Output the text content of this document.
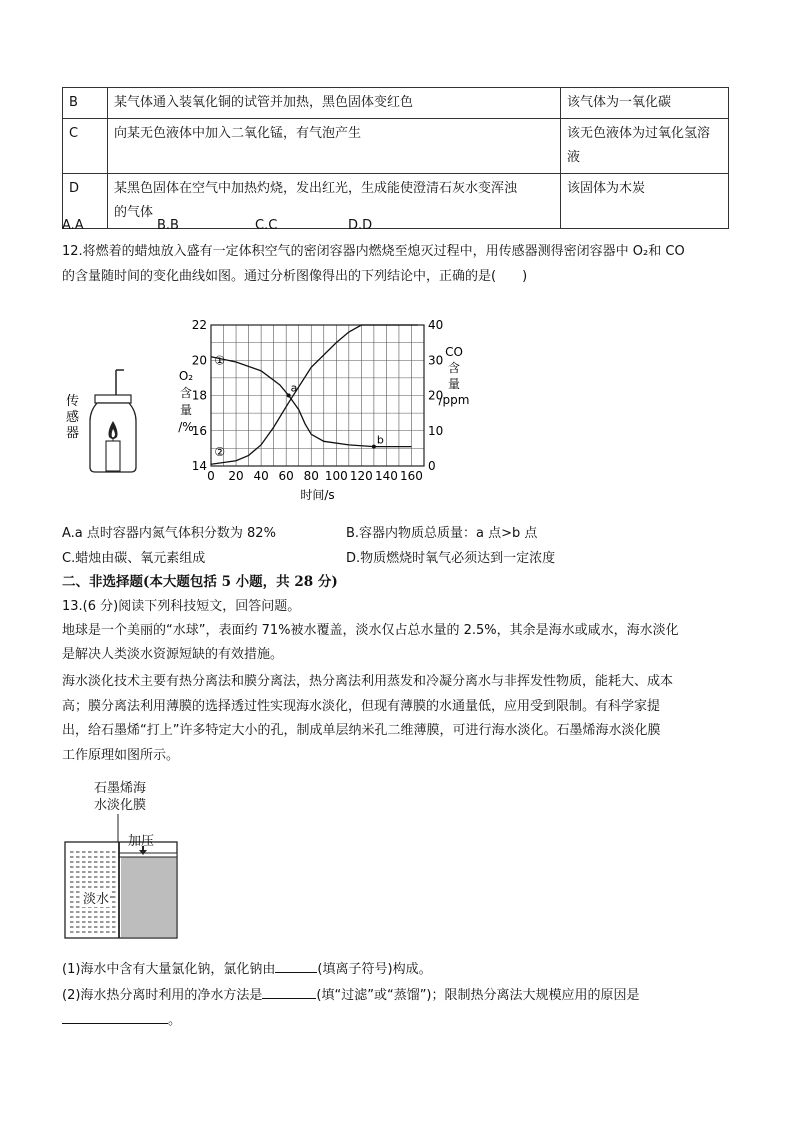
B	某气体通入装氧化铜的试管并加热，黑色固体变红色	该气体为一氧化碳
C	向某无色液体中加入二氧化锰，有气泡产生	该无色液体为过氧化氢溶
液
D	某黑色固体在空气中加热灼烧，发出红光，生成能使澄清石灰水变浑浊
的气体	该固体为木炭
A.A	B.B	C.C	D.D
12.将燃着的蜡烛放入盛有一定体积空气的密闭容器内燃烧至熄灭过程中，用传感器测得密闭容器中 O₂和 CO
的含量随时间的变化曲线如图。通过分析图像得出的下列结论中，正确的是(　　)
传
感
器
0 20 40 60 80 100 120 140 160
14
16
18
20
22
0
10
20
30
40
时间/s
O₂
含
量
/%
CO
含
量
/ppm
①
②
a
b
A.a 点时容器内氮气体积分数为 82%	B.容器内物质总质量：a 点>b 点
C.蜡烛由碳、氧元素组成	D.物质燃烧时氧气必须达到一定浓度
二、非选择题(本大题包括 5 小题，共 28 分)
13.(6 分)阅读下列科技短文，回答问题。
地球是一个美丽的“水球”，表面约 71%被水覆盖，淡水仅占总水量的 2.5%，其余是海水或咸水，海水淡化
是解决人类淡水资源短缺的有效措施。
海水淡化技术主要有热分离法和膜分离法，热分离法利用蒸发和冷凝分离水与非挥发性物质，能耗大、成本
高；膜分离法利用薄膜的选择透过性实现海水淡化，但现有薄膜的水通量低，应用受到限制。有科学家提
出，给石墨烯“打上”许多特定大小的孔，制成单层纳米孔二维薄膜，可进行海水淡化。石墨烯海水淡化膜
工作原理如图所示。
石墨烯海
水淡化膜
加压
淡水
(1)海水中含有大量氯化钠，氯化钠由	(填离子符号)构成。
(2)海水热分离时利用的净水方法是	(填“过滤”或“蒸馏”)；限制热分离法大规模应用的原因是
。
